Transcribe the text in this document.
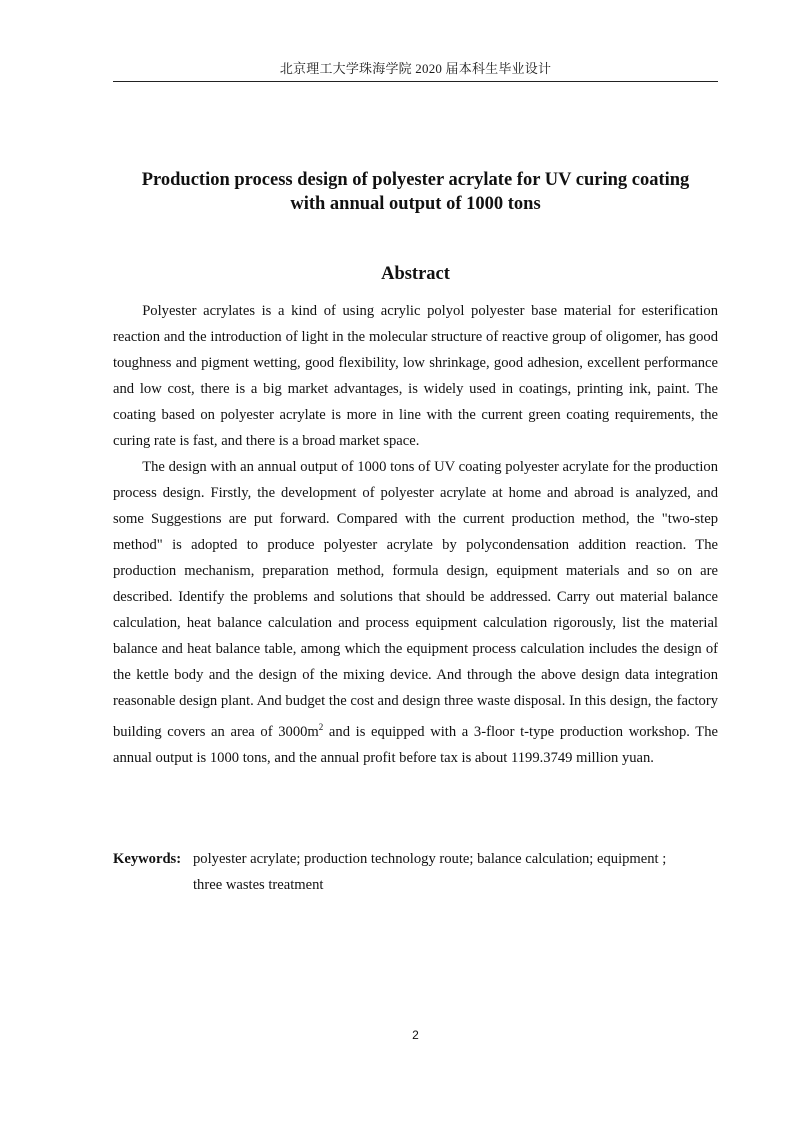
北京理工大学珠海学院 2020 届本科生毕业设计
Production process design of polyester acrylate for UV curing coating
with annual output of 1000 tons
Abstract

Polyester acrylates is a kind of using acrylic polyol polyester base material for esterification reaction and the introduction of light in the molecular structure of reactive group of oligomer, has good toughness and pigment wetting, good flexibility, low shrinkage, good adhesion, excellent performance and low cost, there is a big market advantages, is widely used in coatings, printing ink, paint. The coating based on polyester acrylate is more in line with the current green coating requirements, the curing rate is fast, and there is a broad market space.

The design with an annual output of 1000 tons of UV coating polyester acrylate for the production process design. Firstly, the development of polyester acrylate at home and abroad is analyzed, and some Suggestions are put forward. Compared with the current production method, the "two-step method" is adopted to produce polyester acrylate by polycondensation addition reaction. The production mechanism, preparation method, formula design, equipment materials and so on are described. Identify the problems and solutions that should be addressed. Carry out material balance calculation, heat balance calculation and process equipment calculation rigorously, list the material balance and heat balance table, among which the equipment process calculation includes the design of the kettle body and the design of the mixing device. And through the above design data integration reasonable design plant. And budget the cost and design three waste disposal. In this design, the factory building covers an area of $3000m^2$ and is equipped with a 3-floor t-type production workshop. The annual output is 1000 tons, and the annual profit before tax is about 1199.3749 million yuan.

Keywords: polyester acrylate; production technology route; balance calculation; equipment ;
three wastes treatment
2
